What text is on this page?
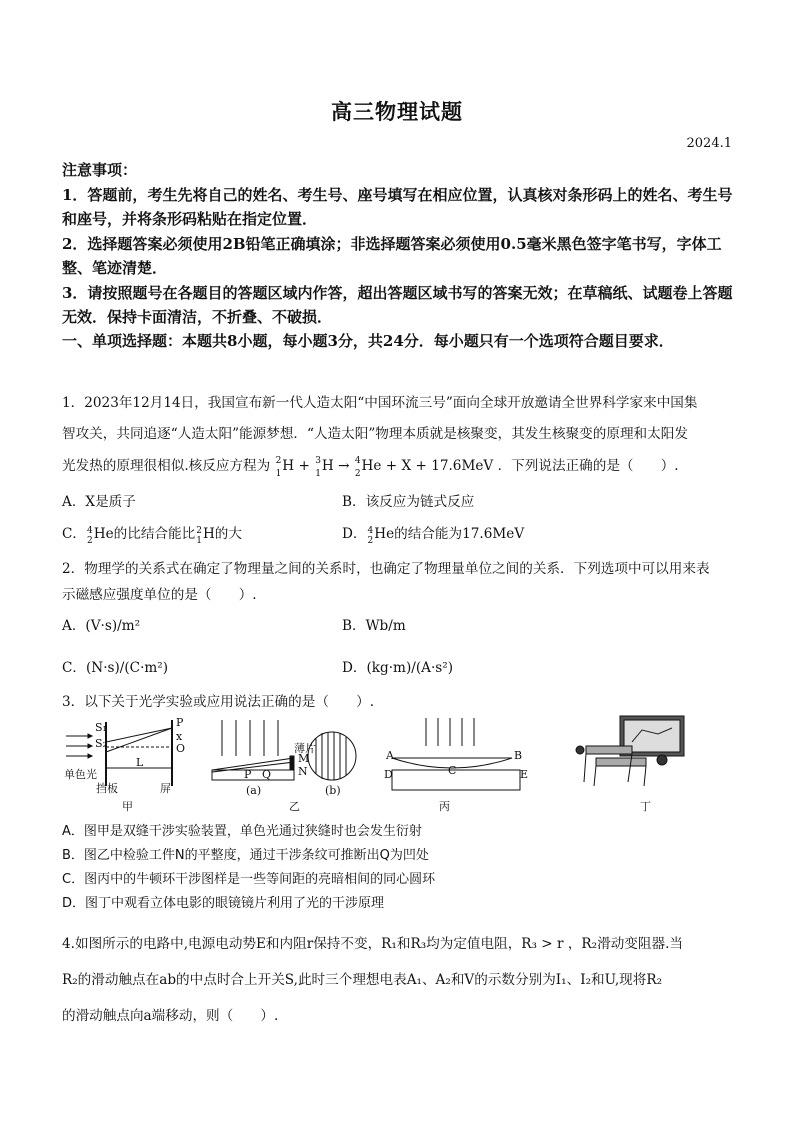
高三物理试题
2024.1

注意事项：

1．答题前，考生先将自己的姓名、考生号、座号填写在相应位置，认真核对条形码上的姓名、考生号和座号，并将条形码粘贴在指定位置．

2．选择题答案必须使用2B铅笔正确填涂；非选择题答案必须使用0.5毫米黑色签字笔书写，字体工整、笔迹清楚．

3．请按照题号在各题目的答题区域内作答，超出答题区域书写的答案无效；在草稿纸、试题卷上答题无效．保持卡面清洁，不折叠、不破损．

一、单项选择题：本题共8小题，每小题3分，共24分．每小题只有一个选项符合题目要求．

1．2023年12月14日，我国宣布新一代人造太阳“中国环流三号”面向全球开放邀请全世界科学家来中国集

智攻关，共同追逐“人造太阳”能源梦想．“人造太阳”物理本质就是核聚变，其发生核聚变的原理和太阳发

光发热的原理很相似.核反应方程为 $^2$
1 H + $^3$
1 H → $^4$
2 He + X + 17.6MeV ．下列说法正确的是（　　）.

A．X是质子	B．该反应为链式反应
C．$^4$
2 He的比结合能比$^2$
1 H的大	D．$^4$
2 He的结合能为17.6MeV

2．物理学的关系式在确定了物理量之间的关系时，也确定了物理量单位之间的关系．下列选项中可以用来表

示磁感应强度单位的是（　　）.

A．(V·s)/m²	B．Wb/m
C．(N·s)/(C·m²)	D．(kg·m)/(A·s²)
3．以下关于光学实验或应用说法正确的是（　　）.
S₁
S₂
P
x
O
L
单色光
挡板	屏
甲
M
N
薄片
P Q
(a)	(b)
乙
A	B
C
D	E
丙	丁

A．图甲是双缝干涉实验装置，单色光通过狭缝时也会发生衍射

B．图乙中检验工件N的平整度，通过干涉条纹可推断出Q为凹处

C．图丙中的牛顿环干涉图样是一些等间距的亮暗相间的同心圆环

D．图丁中观看立体电影的眼镜镜片利用了光的干涉原理

4.如图所示的电路中,电源电动势E和内阻r保持不变，R₁和R₃均为定值电阻，R₃ > r ，R₂滑动变阻器.当

R₂的滑动触点在ab的中点时合上开关S,此时三个理想电表A₁、A₂和V的示数分别为I₁、I₂和U,现将R₂

的滑动触点向a端移动，则（　　）.
